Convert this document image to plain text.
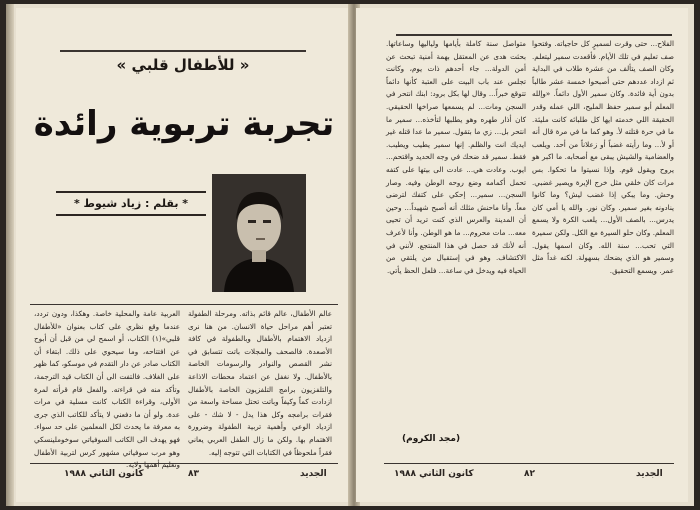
« للأطفال قلبي »
تجربة تربوية رائدة
* بقلم : زياد شيوط *
عالم الأطفال، عالم قائم بذاته. ومرحلة الطفولة تعتبر أهم مراحل حياة الانسان. من هنا نرى ازدياد الاهتمام بالأطفال وبالطفولة في كافة الأصعدة. فالصحف والمجلات باتت تتسابق في نشر القصص والنوادر والرسومات الخاصة بالأطفال. ولا نغفل عن اعتماد محطات الاذاعة والتلفزيون برامج التلفزيون الخاصة بالأطفال ازدادت كماً وكيفاً وباتت تحتل مساحة واسعة من فقرات برامجه وكل هذا يدل - لا شك - على ازدياد الوعي وأهمية تربية الطفولة وضرورة الاهتمام بها. ولكن ما زال الطفل العربي يعاني فقراً ملحوظاً في الكتابات التي تتوجه إليه.
العربية عامة والمحلية خاصة. وهكذا، ودون تردد، عندما وقع نظري على كتاب بعنوان «للأطفال قلبي»(١) الكتاب، أو اسمح لي من قبل أن أبوح عن افتتاحه، وما سيحوي على ذلك. ابتغاء أن الكتاب صادر عن دار التقدم في موسكو، كما ظهر على الغلاف. فالتفت الى أن الكتاب قيد الترجمة، وتأكد منه في قراءته. والفعل قام قرأته لمرة الأولى، وقراءة الكتاب كانت مسلية في مرات عدة. ولو أن ما دفعني لا يتأكد للكاتب الذي جرى به معرفة ما يحدث لكل المعلمين على حد سواء. فهو يهدف الى الكاتب السوفياتي سوخوملينسكي وهو مرب سوفياتي مشهور كرس لتربية الأطفال وتعليم أهمها ولاية.
كانون الثاني ١٩٨٨	٨٣	الجديد
الفلاح... حتى وقرت لسميرٍ كل حاجياته. وفتحوا صف تعليم في تلك الأيام. فأقعدت سمير ليتعلم. وكان الصف يتألف من عشرة طلاب في البداية ثم ازداد عددهم حتى أصبحوا خمسة عشر طالباً بدون أية فائدة. وكان سمير الأول دائماً. «وإلله المعلم أبو سمير حفظ المليح، اللي عمله وقدر الحقيقة اللي خدمته ايها كل طلبائه كانت مليئة. ما في حرة قتلته لأ. وهو كما ما في مرة قال أنه أو لأ... وما رأيته غضباً أو زعلاناً من أحد. ويلعب والعضامية والشيش يبقى مع أصحابه. ما اكبر هو يروح ويقول قوم. وإذا نسيتوا ما تحكوا. بس مرات كان خلقي مثل خرج الإبرة ويصير غضبي. وحش. وما يبكي إذا غضب ليش؟ وما كانوا ينادونه بغير سمير. وكان نور. والله يا أمي كان يدرس... بالصف الأول... يلعب الكرة ولا يسمع المعلم. وكان حلو السيرة مع الكل. ولكن سميرة التي تحب... سنة الله. وكان اسمها يقول. وسمير هو الذي يضحك بسهولة. لكنه غداً مثل عمر. ويسمع التحقيق.
متواصل سنة كاملة بأيامها ولياليها وساعاتها. بحثت هدى عن المعتقل بهمة أمنية تبحث عن أمن الدولة... جاء أحدهم ذات يوم، وكانت تجلس عند باب البيت على العتبة كأنها دائماً تتوقع خبراً... وقال لها بكل برود: ابنك انتحر في السجن ومات... لم يسمعها صراخها الحقيقي. كان أذار طهره وهو يطلبها لتأخذه... سمير ما انتحر بل... زي ما بتقول. سمير ما عدا قتله غير ايديك انت والظلم. إنها سمير يطيب ويطيب. فقط. سمير قد ضحك في وجه الحديد واقتحم... ايوب. وعادت هي... عادت الى بيتها على كتفه تحمل أكمامه وضع روحه الوطن وفيه. وصار السجن... سمير... إحكي على كتفك لترضى معاً. وأنا ماحنش مثلك أنه أصبح شهيداً... وحين أن المدينة والعرس الذي كنت تريد أن تحيى معه... مات محروم... ما هو الوطن. وأنا لأعرف أنه لأنك قد حصل في هذا المنتجع. لأنني في الاكتشاف. وهو في إستقبال من يلتقي من الحياة فيه ويدخل في ساعة... فلعل الحظ يأتي.
(مجد الكروم)
كانون الثاني ١٩٨٨	٨٢	الجديد
